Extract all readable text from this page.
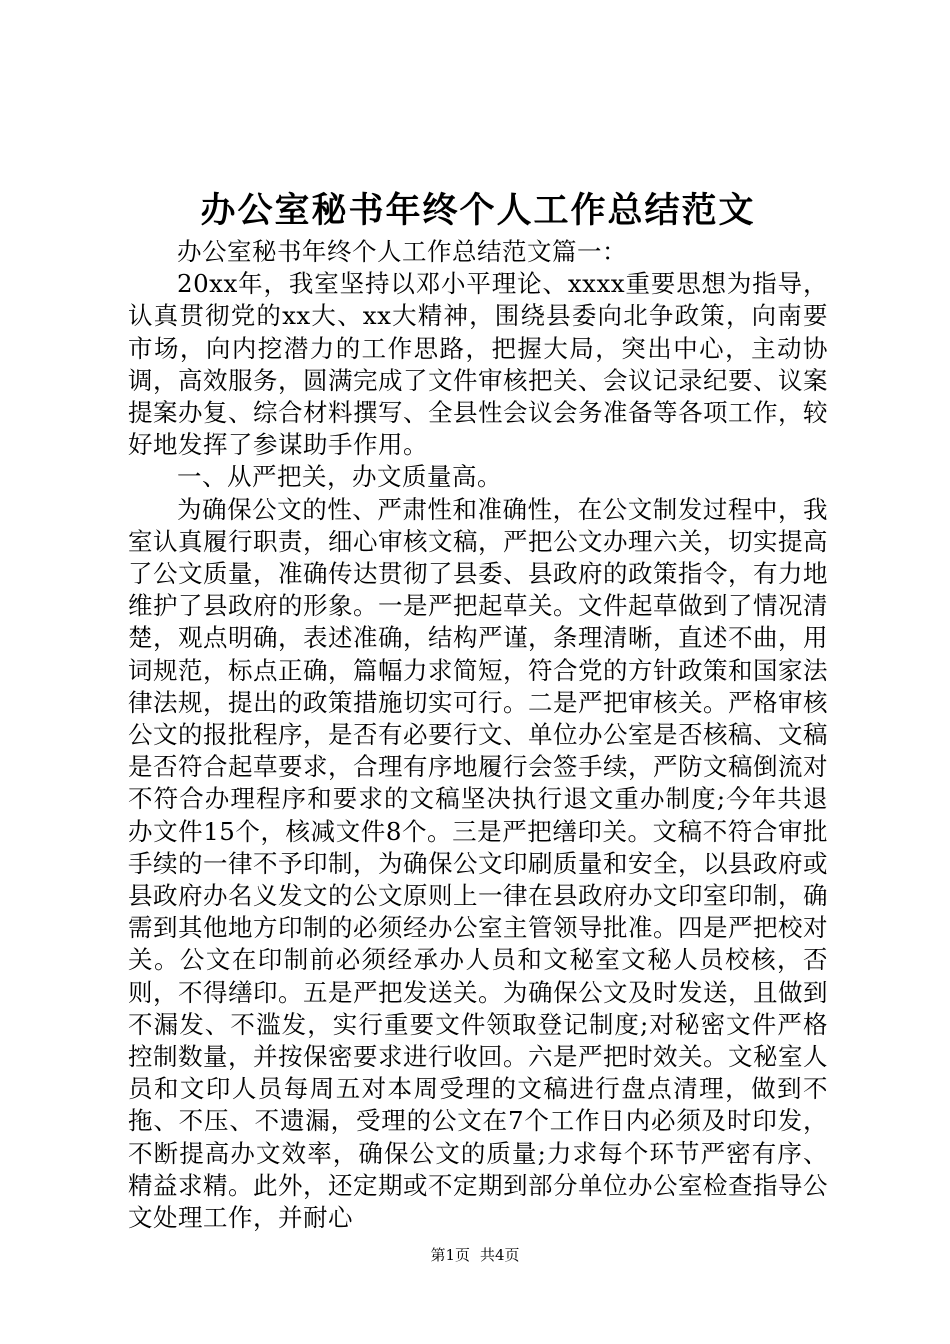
办公室秘书年终个人工作总结范文

办公室秘书年终个人工作总结范文篇一：

20xx年，我室坚持以邓小平理论、xxxx重要思想为指导，认真贯彻党的xx大、xx大精神，围绕县委向北争政策，向南要市场，向内挖潜力的工作思路，把握大局，突出中心，主动协调，高效服务，圆满完成了文件审核把关、会议记录纪要、议案提案办复、综合材料撰写、全县性会议会务准备等各项工作，较好地发挥了参谋助手作用。

一、从严把关，办文质量高。

为确保公文的性、严肃性和准确性，在公文制发过程中，我室认真履行职责，细心审核文稿，严把公文办理六关，切实提高了公文质量，准确传达贯彻了县委、县政府的政策指令，有力地维护了县政府的形象。一是严把起草关。文件起草做到了情况清楚，观点明确，表述准确，结构严谨，条理清晰，直述不曲，用词规范，标点正确，篇幅力求简短，符合党的方针政策和国家法律法规，提出的政策措施切实可行。二是严把审核关。严格审核公文的报批程序，是否有必要行文、单位办公室是否核稿、文稿是否符合起草要求，合理有序地履行会签手续，严防文稿倒流对不符合办理程序和要求的文稿坚决执行退文重办制度;今年共退办文件15个，核减文件8个。三是严把缮印关。文稿不符合审批手续的一律不予印制，为确保公文印刷质量和安全，以县政府或县政府办名义发文的公文原则上一律在县政府办文印室印制，确需到其他地方印制的必须经办公室主管领导批准。四是严把校对关。公文在印制前必须经承办人员和文秘室文秘人员校核，否则，不得缮印。五是严把发送关。为确保公文及时发送，且做到不漏发、不滥发，实行重要文件领取登记制度;对秘密文件严格控制数量，并按保密要求进行收回。六是严把时效关。文秘室人员和文印人员每周五对本周受理的文稿进行盘点清理，做到不拖、不压、不遗漏，受理的公文在7个工作日内必须及时印发，不断提高办文效率，确保公文的质量;力求每个环节严密有序、精益求精。此外，还定期或不定期到部分单位办公室检查指导公文处理工作，并耐心

第1页 共4页
